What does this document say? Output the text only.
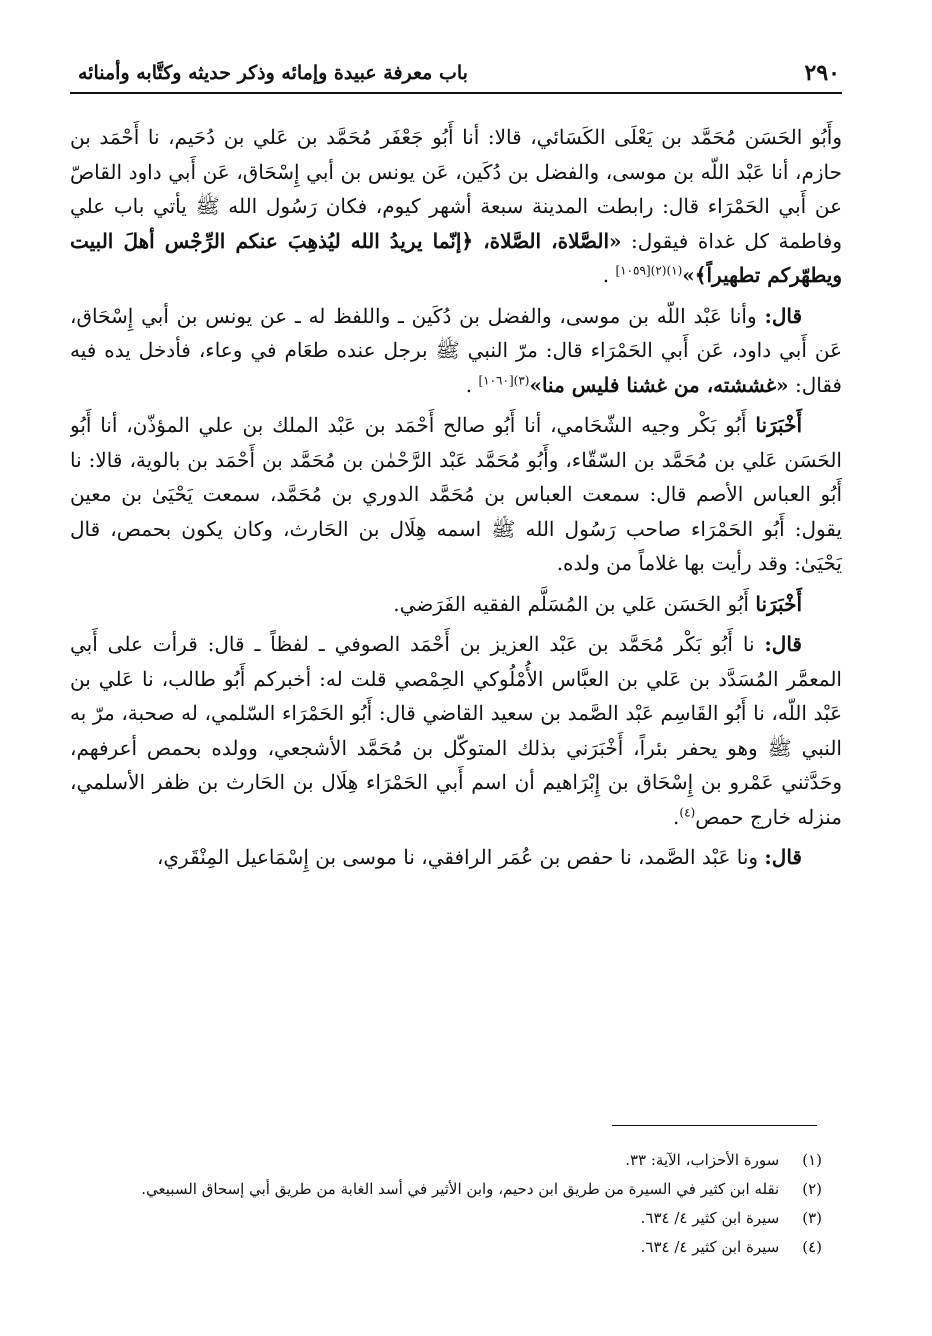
٢٩٠
باب معرفة عبيدة وإمائه وذكر حديثه وكتَّابه وأمنائه

وأَبُو الحَسَن مُحَمَّد بن يَعْلَى الكَسَائي، قالا: أنا أَبُو جَعْفَر مُحَمَّد بن عَلي بن دُحَيم، نا أَحْمَد بن حازم، أنا عَبْد اللّه بن موسى، والفضل بن دُكَين، عَن يونس بن أبي إِسْحَاق، عَن أَبي داود القاصّ عن أَبي الحَمْرَاء قال: رابطت المدينة سبعة أشهر كيوم، فكان رَسُول الله ﷺ يأتي باب علي وفاطمة كل غداة فيقول: «الصَّلاة، الصَّلاة، ﴿إنّما يريدُ الله ليُذهِبَ عنكم الرِّجْس أهلَ البيت ويطهّركم تطهيراً﴾»$^{(١)(٢)[١٠٥٩]}$ .

قال: وأنا عَبْد اللّه بن موسى، والفضل بن دُكَين ـ واللفظ له ـ عن يونس بن أبي إِسْحَاق، عَن أَبي داود، عَن أَبي الحَمْرَاء قال: مرّ النبي ﷺ برجل عنده طعَام في وعاء، فأدخل يده فيه فقال: «غششته، من غشنا فليس منا»$^{(٣)[١٠٦٠]}$ .

أَخْبَرَنا أَبُو بَكْر وجيه الشّحَامي، أنا أَبُو صالح أَحْمَد بن عَبْد الملك بن علي المؤذّن، أنا أَبُو الحَسَن عَلي بن مُحَمَّد بن السّقّاء، وأَبُو مُحَمَّد عَبْد الرَّحْمٰن بن مُحَمَّد بن أَحْمَد بن بالوية، قالا: نا أَبُو العباس الأصم قال: سمعت العباس بن مُحَمَّد الدوري بن مُحَمَّد، سمعت يَحْيَىٰ بن معين يقول: أَبُو الحَمْرَاء صاحب رَسُول الله ﷺ اسمه هِلَال بن الحَارث، وكان يكون بحمص، قال يَحْيَىٰ: وقد رأيت بها غلاماً من ولده.

أَخْبَرَنا أَبُو الحَسَن عَلي بن المُسَلَّم الفقيه الفَرَضي.

قال: نا أَبُو بَكْر مُحَمَّد بن عَبْد العزيز بن أَحْمَد الصوفي ـ لفظاً ـ قال: قرأت على أَبي المعمَّر المُسَدَّد بن عَلي بن العبَّاس الأُمْلُوكي الحِمْصي قلت له: أخبركم أَبُو طالب، نا عَلي بن عَبْد اللّه، نا أَبُو القَاسِم عَبْد الصَّمد بن سعيد القاضي قال: أَبُو الحَمْرَاء السّلمي، له صحبة، مرّ به النبي ﷺ وهو يحفر بئراً، أَخْبَرَني بذلك المتوكّل بن مُحَمَّد الأشجعي، وولده بحمص أعرفهم، وحَدَّثني عَمْرو بن إِسْحَاق بن إِبْرَاهيم أن اسم أَبي الحَمْرَاء هِلَال بن الحَارث بن ظفر الأسلمي، منزله خارج حمص$^{(٤)}$.

قال: ونا عَبْد الصَّمد، نا حفص بن عُمَر الرافقي، نا موسى بن إِسْمَاعيل المِنْقَري،

(١) سورة الأحزاب، الآية: ٣٣.
(٢) نقله ابن كثير في السيرة من طريق ابن دحيم، وابن الأثير في أسد الغابة من طريق أبي إسحاق السبيعي.
(٣) سيرة ابن كثير ٤/ ٦٣٤.
(٤) سيرة ابن كثير ٤/ ٦٣٤.
